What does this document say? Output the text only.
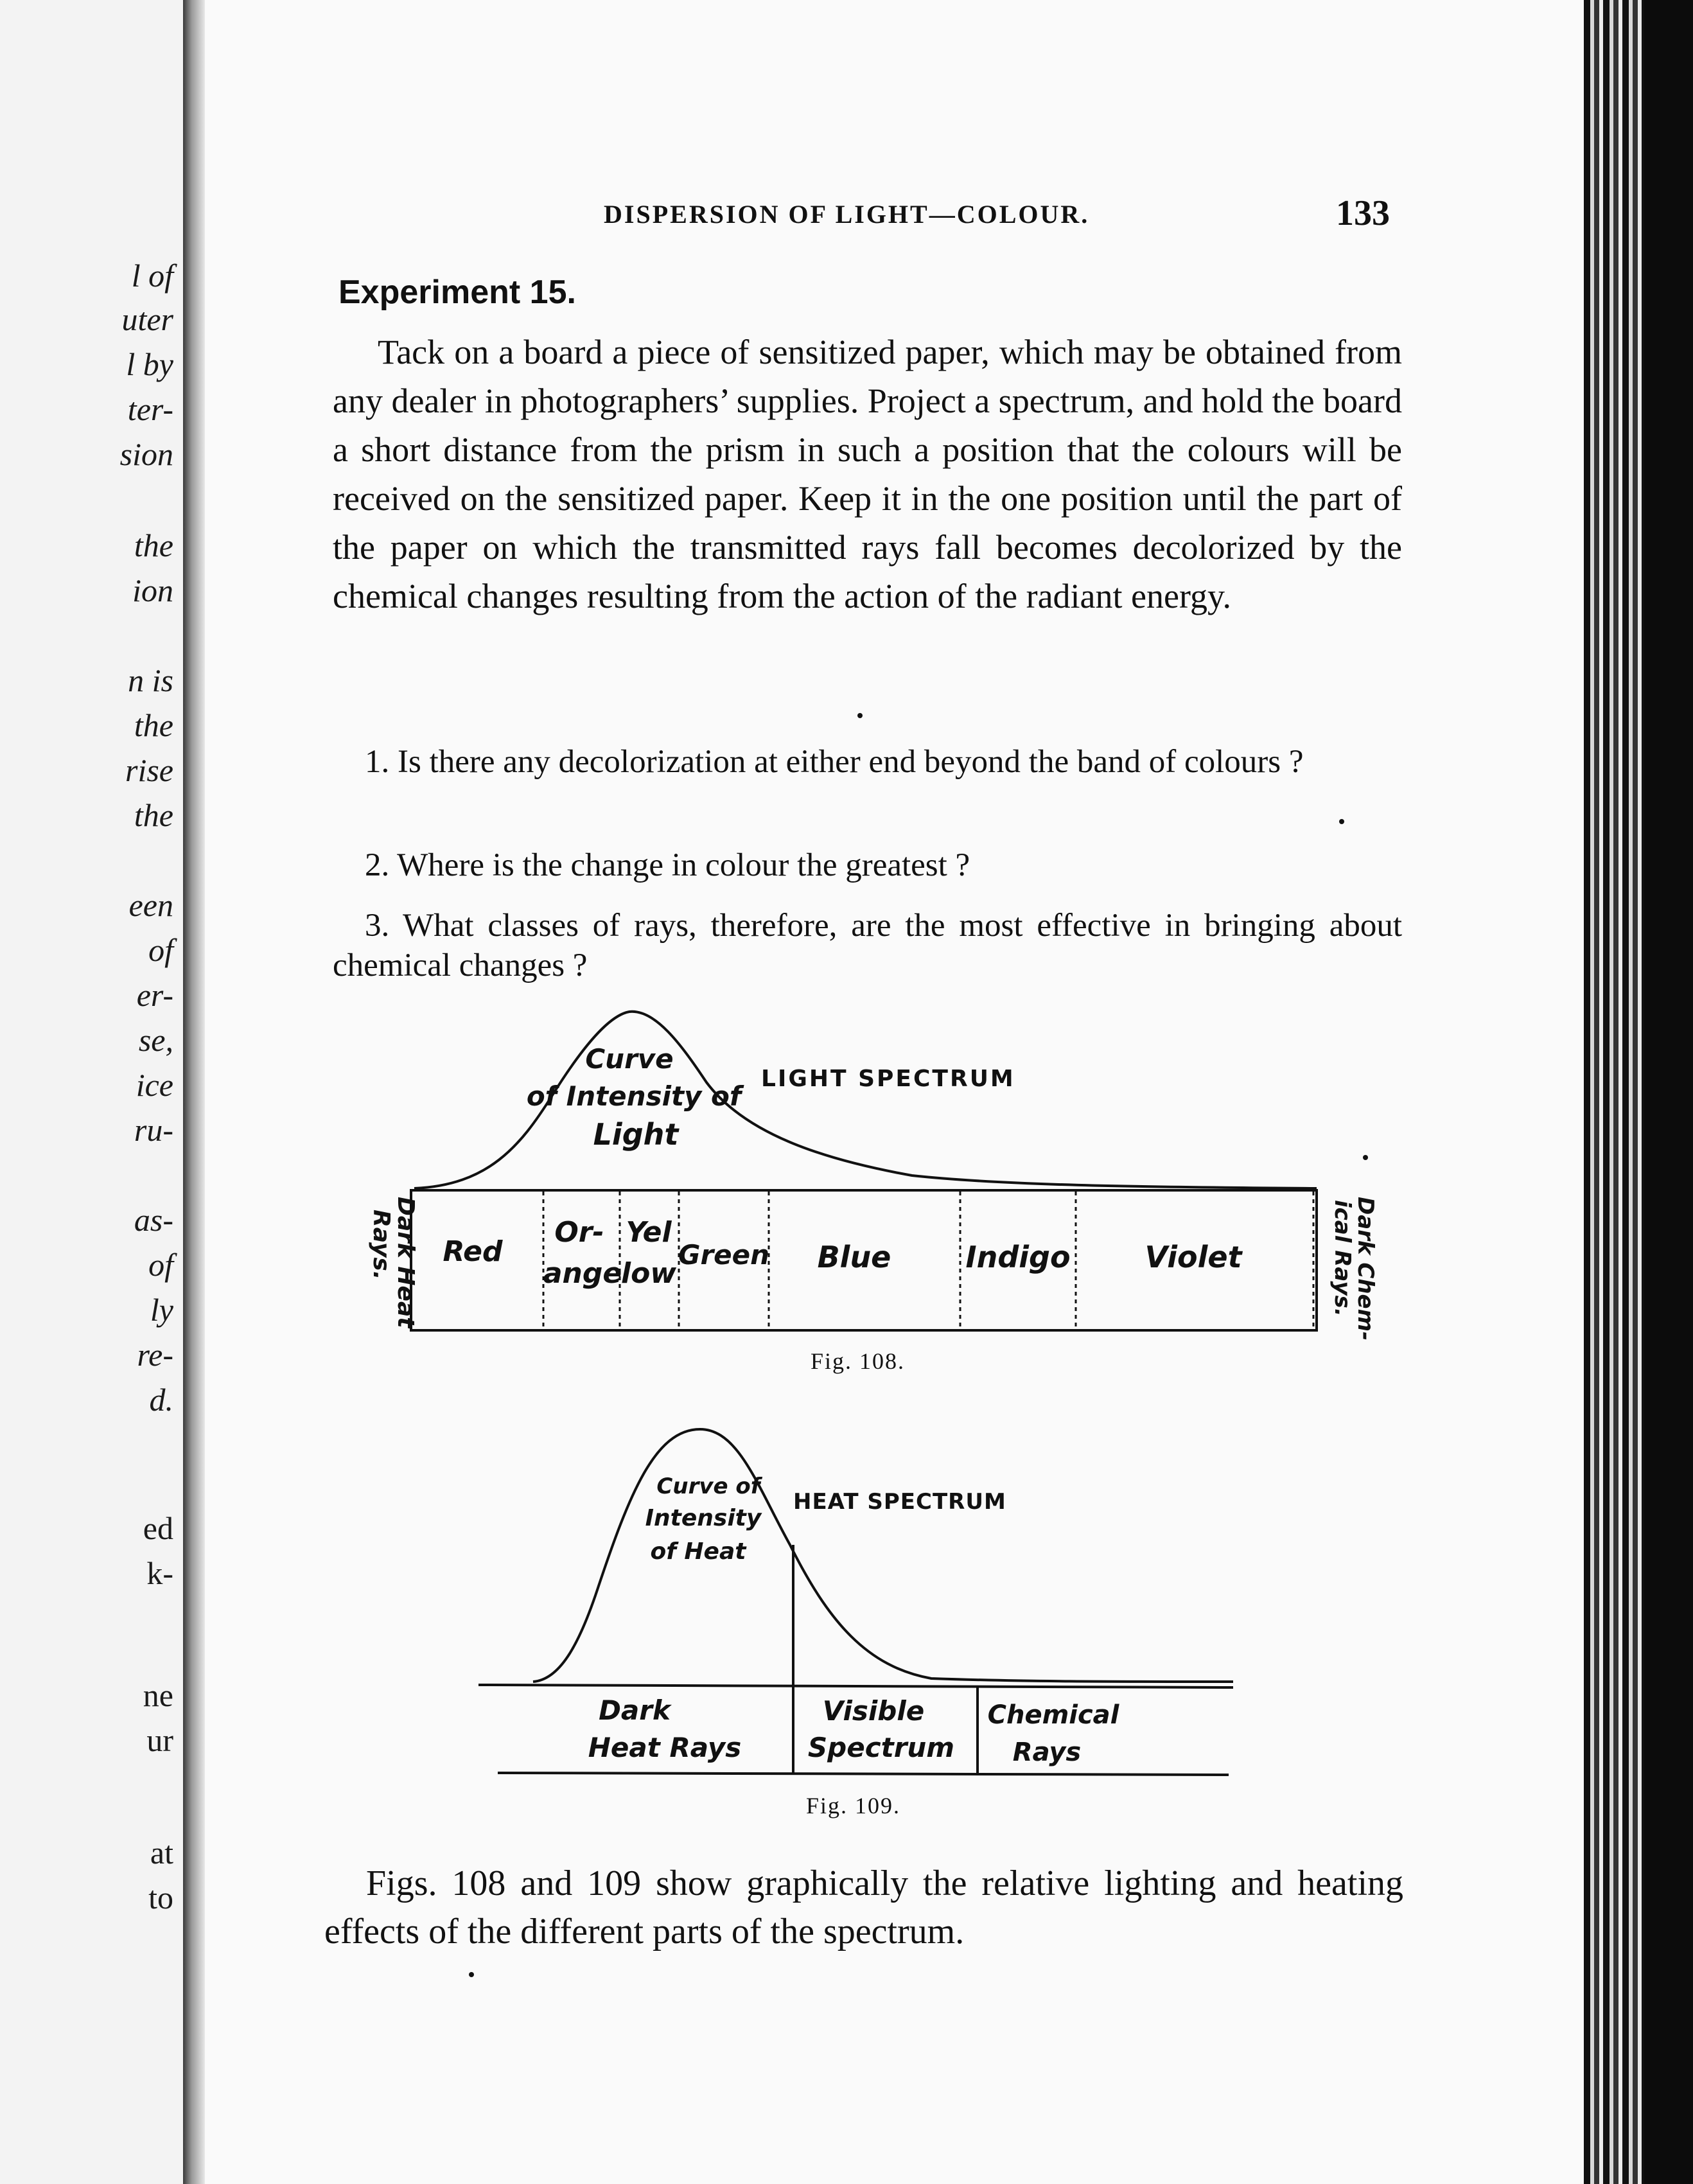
l of
uter
l by
ter-
sion
the
ion
n is
the
rise
the
een
of
er-
se,
ice
ru-
as-
of
ly
re-
d.
ed
k-
ne
ur
at
to
DISPERSION OF LIGHT—COLOUR.	133
Experiment 15.

Tack on a board a piece of sensitized paper, which may be obtained from any dealer in photographers’ supplies. Project a spectrum, and hold the board a short distance from the prism in such a position that the colours will be received on the sensitized paper. Keep it in the one position until the part of the paper on which the transmitted rays fall becomes decolorized by the chemical changes resulting from the action of the radiant energy.

1. Is there any decolorization at either end beyond the band of colours ?

2. Where is the change in colour the greatest ?

3. What classes of rays, therefore, are the most effective in bringing about chemical changes ?

Curve
of Intensity of
Light
LIGHT SPECTRUM
Red
Or-
ange
Yel
low
Green Blue	Indigo	Violet
Dark Heat
Rays.	Dark Chem-
ical Rays.
Fig. 108.
Curve of
Intensity
of Heat
HEAT SPECTRUM
Dark
Heat Rays
Visible
Spectrum
Chemical
Rays
Fig. 109.

Figs. 108 and 109 show graphically the relative lighting and heating effects of the different parts of the spectrum.
